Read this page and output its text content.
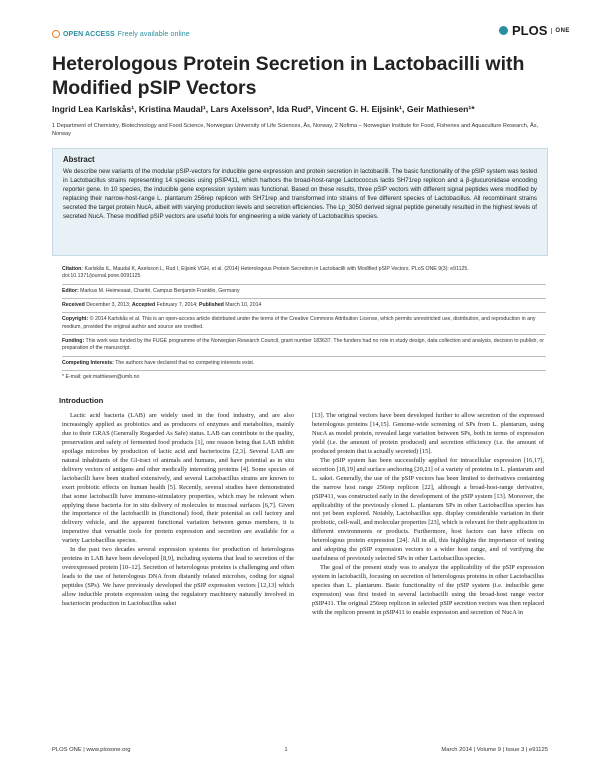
OPEN ACCESS Freely available online	PLOS	ONE
Heterologous Protein Secretion in Lactobacilli with Modified pSIP Vectors
Ingrid Lea Karlskås¹, Kristina Maudal¹, Lars Axelsson², Ida Rud², Vincent G. H. Eijsink¹, Geir Mathiesen¹*
1 Department of Chemistry, Biotechnology and Food Science, Norwegian University of Life Sciences, Ås, Norway, 2 Nofima – Norwegian Institute for Food, Fisheries and Aquaculture Research, Ås, Norway
Abstract
We describe new variants of the modular pSIP-vectors for inducible gene expression and protein secretion in lactobacilli. The basic functionality of the pSIP system was tested in Lactobacillus strains representing 14 species using pSIP411, which harbors the broad-host-range Lactococcus lactis SH71rep replicon and a β-glucuronidase encoding reporter gene. In 10 species, the inducible gene expression system was functional. Based on these results, three pSIP vectors with different signal peptides were modified by replacing their narrow-host-range L. plantarum 256rep replicon with SH71rep and transformed into strains of five different species of Lactobacillus. All recombinant strains secreted the target protein NucA, albeit with varying production levels and secretion efficiencies. The Lp_3050 derived signal peptide generally resulted in the highest levels of secreted NucA. These modified pSIP vectors are useful tools for engineering a wide variety of Lactobacillus species.

Citation: Karlskås IL, Maudal K, Axelsson L, Rud I, Eijsink VGH, et al. (2014) Heterologous Protein Secretion in Lactobacilli with Modified pSIP Vectors. PLoS ONE 9(3): e91125. doi:10.1371/journal.pone.0091125

Editor: Markus M. Heimesaat, Charité, Campus Benjamin Franklin, Germany

Received December 3, 2013; Accepted February 7, 2014; Published March 10, 2014

Copyright: © 2014 Karlskås et al. This is an open-access article distributed under the terms of the Creative Commons Attribution License, which permits unrestricted use, distribution, and reproduction in any medium, provided the original author and source are credited.

Funding: This work was funded by the FUGE programme of the Norwegian Research Council, grant number 183637. The funders had no role in study design, data collection and analysis, decision to publish, or preparation of the manuscript.

Competing Interests: The authors have declared that no competing interests exist.

* E-mail: geir.mathiesen@umb.no

Introduction

Lactic acid bacteria (LAB) are widely used in the food industry, and are also increasingly applied as probiotics and as producers of enzymes and metabolites, mainly due to their GRAS (Generally Regarded As Safe) status. LAB can contribute to the quality, preservation and safety of fermented food products [1], one reason being that LAB inhibit spoilage microbes by production of lactic acid and bacteriocins [2,3]. Several LAB are natural inhabitants of the GI-tract of animals and humans, and have potential as in situ delivery vectors of antigens and other medically interesting proteins [4]. Some species of lactobacilli have been studied extensively, and several Lactobacillus strains are known to exert probiotic effects on human health [5]. Recently, several studies have demonstrated that some lactobacilli have immuno-stimulatory properties, which may be relevant when applying these bacteria for in situ delivery of molecules to mucosal surfaces [6,7]. Given the importance of the lactobacilli in (functional) food, their potential as cell factory and delivery vehicle, and the apparent functional variation between genus members, it is imperative that versatile tools for protein expression and secretion are available for a variety Lactobacillus species.

In the past two decades several expression systems for production of heterologous proteins in LAB have been developed [8,9], including systems that lead to secretion of the overexpressed protein [10–12]. Secretion of heterologous proteins is challenging and often leads to the use of heterologous DNA from distantly related microbes, coding for signal peptides (SPs). We have previously developed the pSIP expression vectors [12,13] which allow inducible protein expression using the regulatory machinery naturally involved in bacteriocin production in Lactobacillus sakei

[13]. The original vectors have been developed further to allow secretion of the expressed heterologous proteins [14,15]. Genome-wide screening of SPs from L. plantarum, using NucA as model protein, revealed large variation between SPs, both in terms of expression yield (i.e. the amount of protein produced) and secretion efficiency (i.e. the amount of produced protein that is actually secreted) [15].

The pSIP system has been successfully applied for intracellular expression [16,17], secretion [18,19] and surface anchoring [20,21] of a variety of proteins in L. plantarum and L. sakei. Generally, the use of the pSIP vectors has been limited to derivatives containing the narrow host range 256rep replicon [22], although a broad-host-range derivative, pSIP411, was constructed early in the development of the pSIP system [13]. Moreover, the applicability of the previously cloned L. plantarum SPs in other Lactobacillus species has not yet been explored. Notably, Lactobacillus spp. display considerable variation in their probiotic, cell-wall, and molecular properties [23], which is relevant for their application in different environments or products. Furthermore, host factors can have effects on heterologous protein expression [24]. All in all, this highlights the importance of testing and adopting the pSIP expression vectors to a wider host range, and of verifying the usefulness of previously selected SPs in other Lactobacillus species.

The goal of the present study was to analyze the applicability of the pSIP expression system in lactobacilli, focusing on secretion of heterologous proteins in other Lactobacillus species than L. plantarum. Basic functionality of the pSIP system (i.e. inducible gene expression) was first tested in several lactobacilli using the broad-host range vector pSIP411. The original 256rep replicon in selected pSIP secretion vectors was then replaced with the replicon present in pSIP411 to enable expression and secretion of NucA in

PLOS ONE | www.plosone.org	1	March 2014 | Volume 9 | Issue 3 | e91125
